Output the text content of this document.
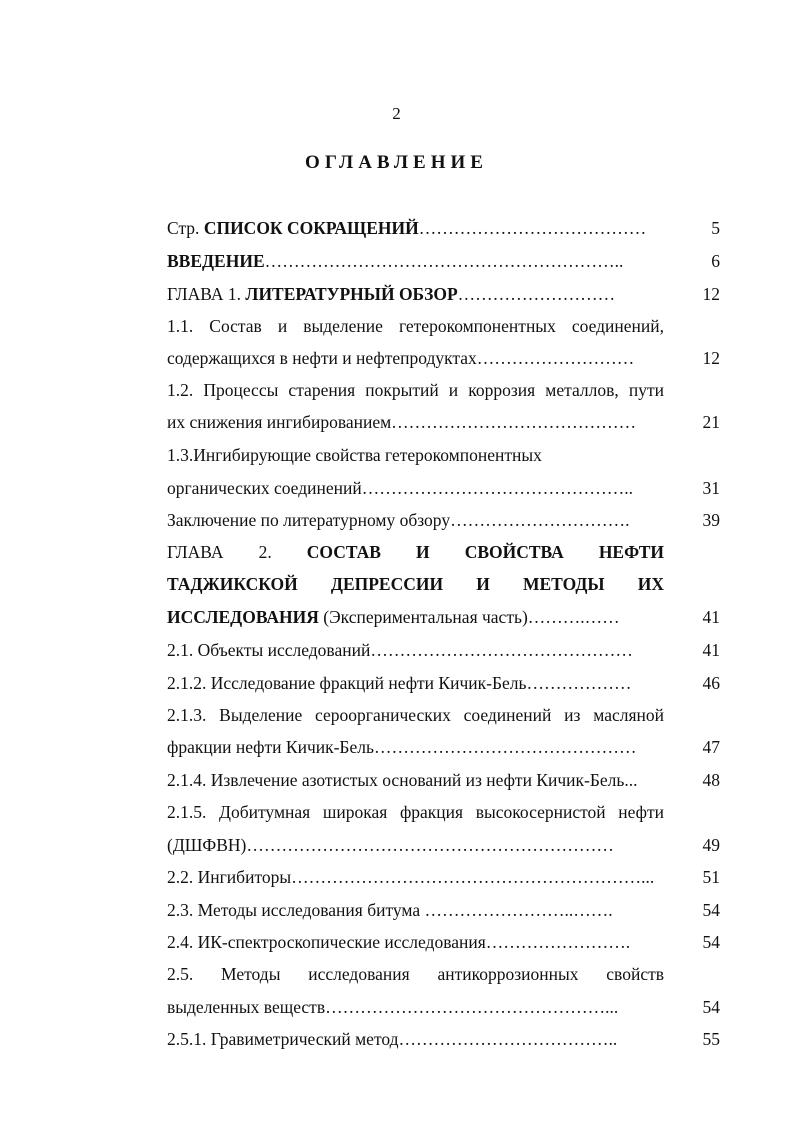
2
ОГЛАВЛЕНИЕ
Стр. СПИСОК СОКРАЩЕНИЙ…………………………………	5
ВВЕДЕНИЕ……………………………………………………..	6
ГЛАВА 1. ЛИТЕРАТУРНЫЙ ОБЗОР………………………	12
1.1. Состав и выделение гетерокомпонентных соединений,
содержащихся в нефти и нефтепродуктах………………………	12
1.2. Процессы старения покрытий и коррозия металлов, пути
их снижения ингибированием……………………………………	21
1.3.Ингибирующие свойства гетерокомпонентных
органических соединений………………………………………..	31
Заключение по литературному обзору………………………….	39
ГЛАВА 2. СОСТАВ И СВОЙСТВА НЕФТИ
ТАДЖИКСКОЙ ДЕПРЕССИИ И МЕТОДЫ ИХ
ИССЛЕДОВАНИЯ (Экспериментальная часть)……….……	41
2.1. Объекты исследований………………………………………	41
2.1.2. Исследование фракций нефти Кичик-Бель………………	46
2.1.3. Выделение сероорганических соединений из масляной
фракции нефти Кичик-Бель………………………………………	47
2.1.4. Извлечение азотистых оснований из нефти Кичик-Бель...	48
2.1.5. Добитумная широкая фракция высокосернистой нефти
(ДШФВН)………………………………………………………	49
2.2. Ингибиторы……………………………………………………...	51
2.3. Методы исследования битума ……………………..…….	54
2.4. ИК-спектроскопические исследования…………………….	54
2.5. Методы исследования антикоррозионных свойств
выделенных веществ…………………………………………...	54
2.5.1. Гравиметрический метод………………………………..	55
